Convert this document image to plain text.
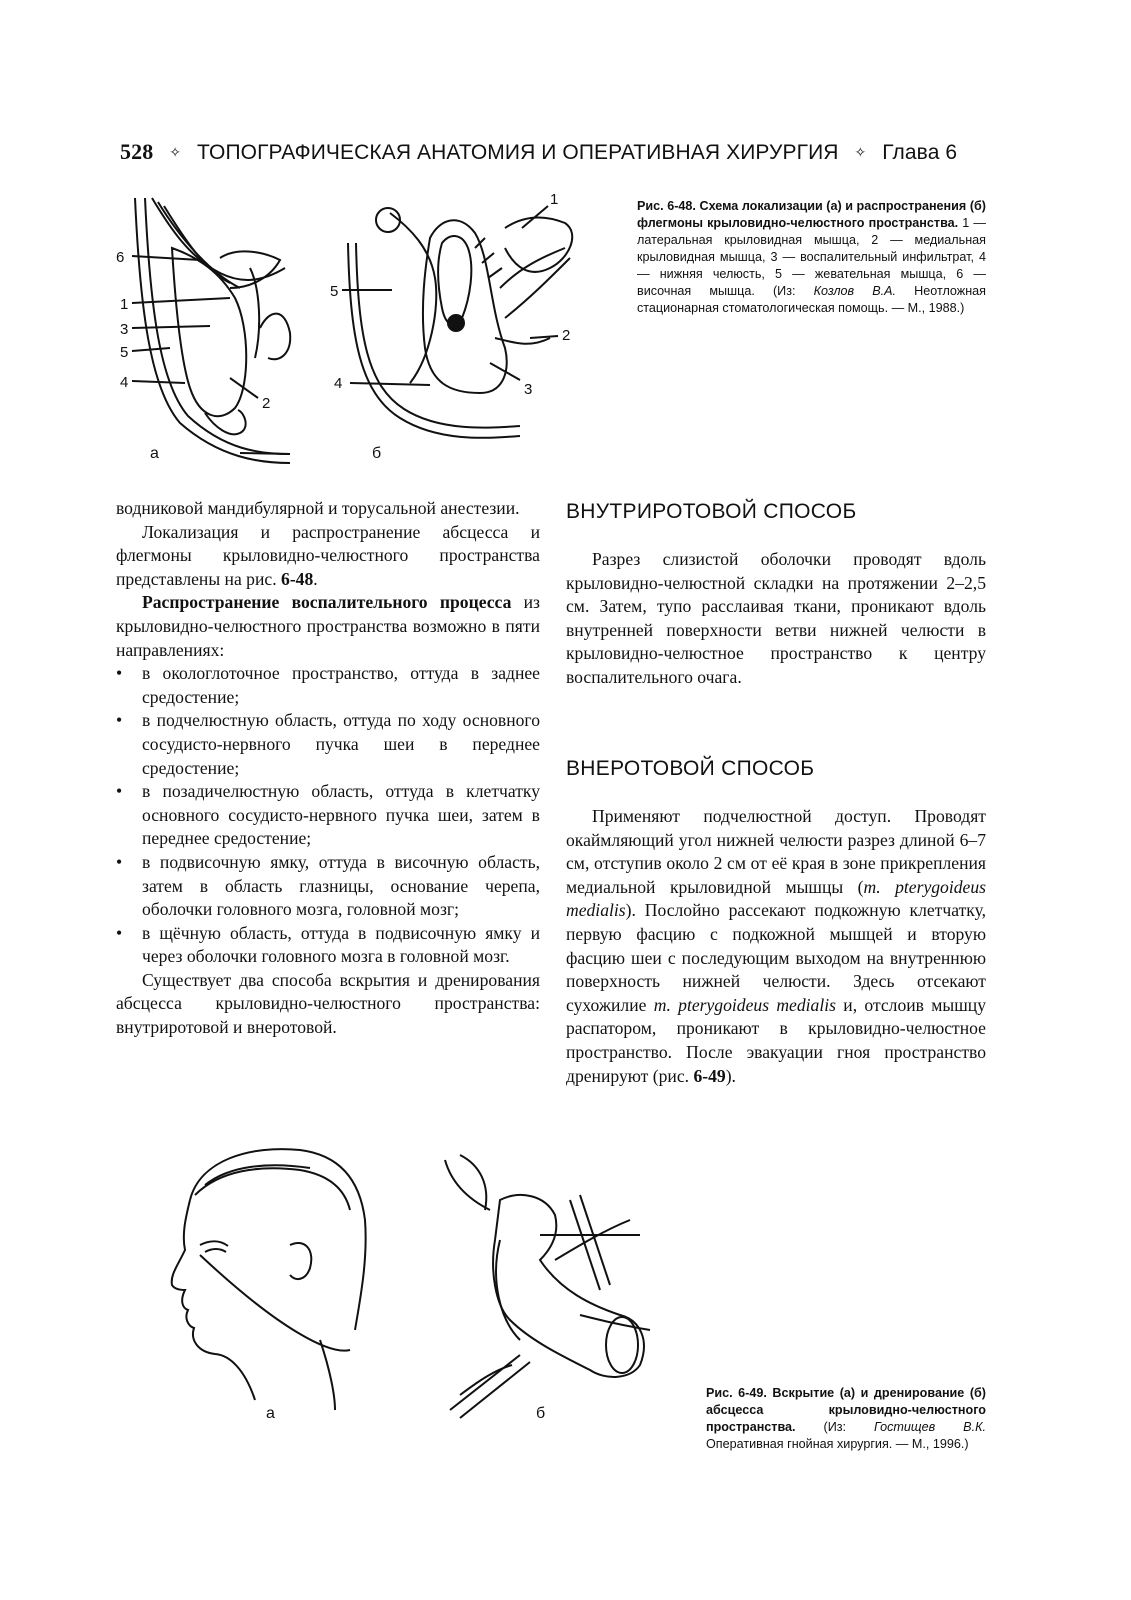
528 ✧ ТОПОГРАФИЧЕСКАЯ АНАТОМИЯ И ОПЕРАТИВНАЯ ХИРУРГИЯ ✧ Глава 6
6
1
3
5
4
2
1
5
2
4	3
а	б
Рис. 6-48. Схема локализации (а) и распространения (б) флегмоны крыловидно-челюстного пространства. 1 — латеральная крыловидная мышца, 2 — медиальная крыловидная мышца, 3 — воспалительный инфильтрат, 4 — нижняя челюсть, 5 — жевательная мышца, 6 — височная мышца. (Из: Козлов В.А. Неотложная стационарная стоматологическая помощь. — М., 1988.)

водниковой мандибулярной и торусальной анестезии.

Локализация и распространение абсцесса и флегмоны крыловидно-челюстного пространства представлены на рис. 6-48.

Распространение воспалительного процесса из крыловидно-челюстного пространства возможно в пяти направлениях:

• в окологлоточное пространство, оттуда в заднее средостение;
• в подчелюстную область, оттуда по ходу основного сосудисто-нервного пучка шеи в переднее средостение;
• в позадичелюстную область, оттуда в клетчатку основного сосудисто-нервного пучка шеи, затем в переднее средостение;
• в подвисочную ямку, оттуда в височную область, затем в область глазницы, основание черепа, оболочки головного мозга, головной мозг;
• в щёчную область, оттуда в подвисочную ямку и через оболочки головного мозга в головной мозг.

Существует два способа вскрытия и дренирования абсцесса крыловидно-челюстного пространства: внутриротовой и внеротовой.

ВНУТРИРОТОВОЙ СПОСОБ

Разрез слизистой оболочки проводят вдоль крыловидно-челюстной складки на протяжении 2–2,5 см. Затем, тупо расслаивая ткани, проникают вдоль внутренней поверхности ветви нижней челюсти в крыловидно-челюстное пространство к центру воспалительного очага.

ВНЕРОТОВОЙ СПОСОБ

Применяют подчелюстной доступ. Проводят окаймляющий угол нижней челюсти разрез длиной 6–7 см, отступив около 2 см от её края в зоне прикрепления медиальной крыловидной мышцы (m. pterygoideus medialis). Послойно рассекают подкожную клетчатку, первую фасцию с подкожной мышцей и вторую фасцию шеи с последующим выходом на внутреннюю поверхность нижней челюсти. Здесь отсекают сухожилие m. pterygoideus medialis и, отслоив мышцу распатором, проникают в крыловидно-челюстное пространство. После эвакуации гноя пространство дренируют (рис. 6-49).

а	б
Рис. 6-49. Вскрытие (а) и дренирование (б) абсцесса крыловидно-челюстного пространства. (Из: Гостищев В.К. Оперативная гнойная хирургия. — М., 1996.)
